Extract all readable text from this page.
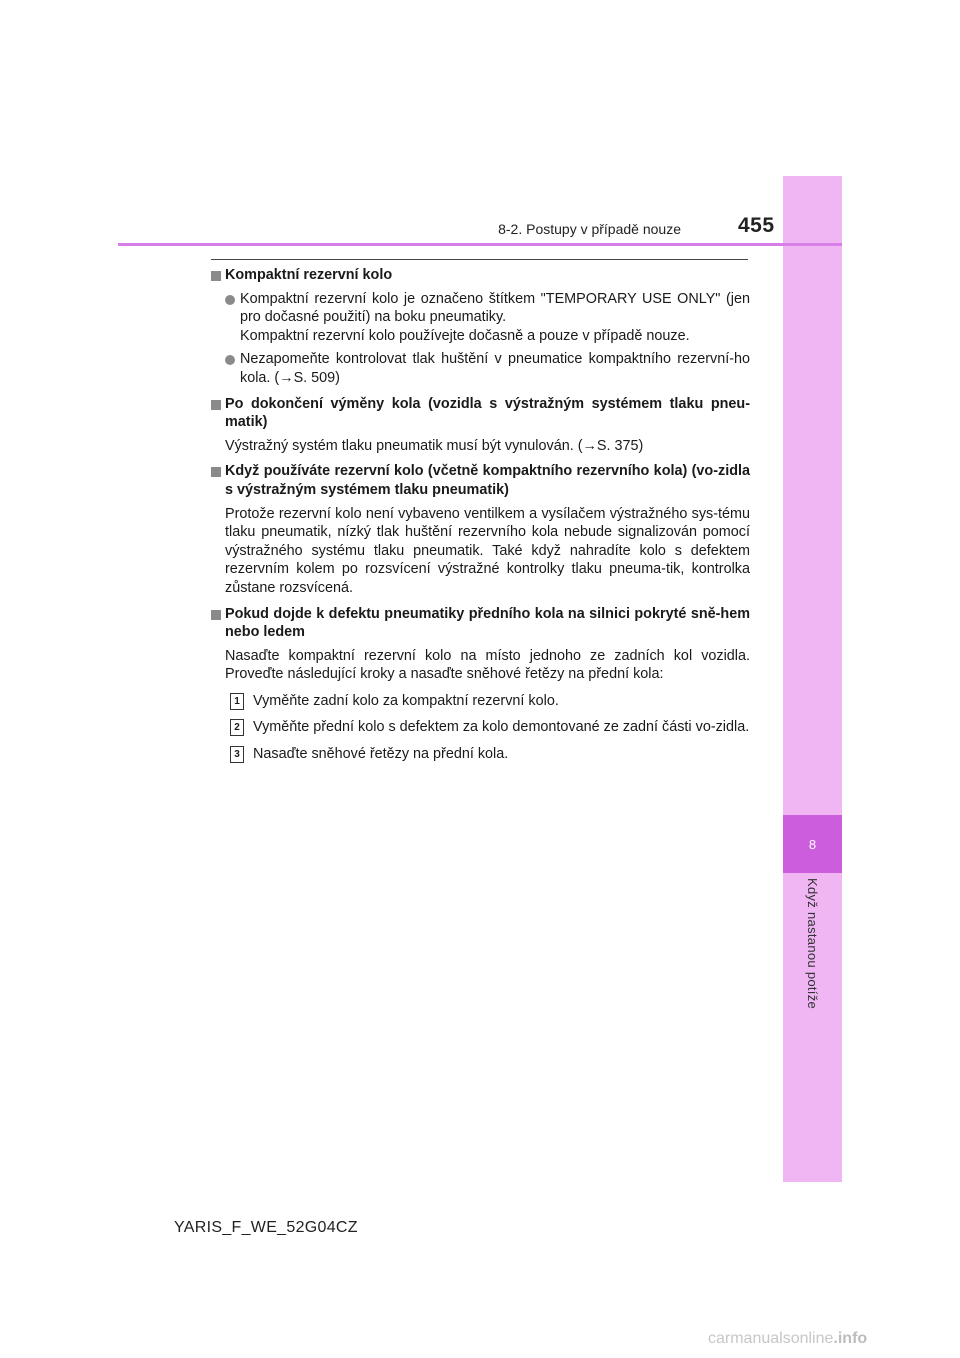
8
Když nastanou potíže
8-2. Postupy v případě nouze	455
Kompaktní rezervní kolo
Kompaktní rezervní kolo je označeno štítkem "TEMPORARY USE ONLY" (jen pro dočasné použití) na boku pneumatiky.
Kompaktní rezervní kolo používejte dočasně a pouze v případě nouze.
Nezapomeňte kontrolovat tlak huštění v pneumatice kompaktního rezervní-ho kola. (→S. 509)
Po dokončení výměny kola (vozidla s výstražným systémem tlaku pneu-matik)
Výstražný systém tlaku pneumatik musí být vynulován. (→S. 375)
Když používáte rezervní kolo (včetně kompaktního rezervního kola) (vo-zidla s výstražným systémem tlaku pneumatik)
Protože rezervní kolo není vybaveno ventilkem a vysílačem výstražného sys-tému tlaku pneumatik, nízký tlak huštění rezervního kola nebude signalizován pomocí výstražného systému tlaku pneumatik. Také když nahradíte kolo s defektem rezervním kolem po rozsvícení výstražné kontrolky tlaku pneuma-tik, kontrolka zůstane rozsvícená.
Pokud dojde k defektu pneumatiky předního kola na silnici pokryté sně-hem nebo ledem
Nasaďte kompaktní rezervní kolo na místo jednoho ze zadních kol vozidla. Proveďte následující kroky a nasaďte sněhové řetězy na přední kola:
1 Vyměňte zadní kolo za kompaktní rezervní kolo.
2 Vyměňte přední kolo s defektem za kolo demontované ze zadní části vo-zidla.
3 Nasaďte sněhové řetězy na přední kola.
YARIS_F_WE_52G04CZ
carmanualsonline.info
